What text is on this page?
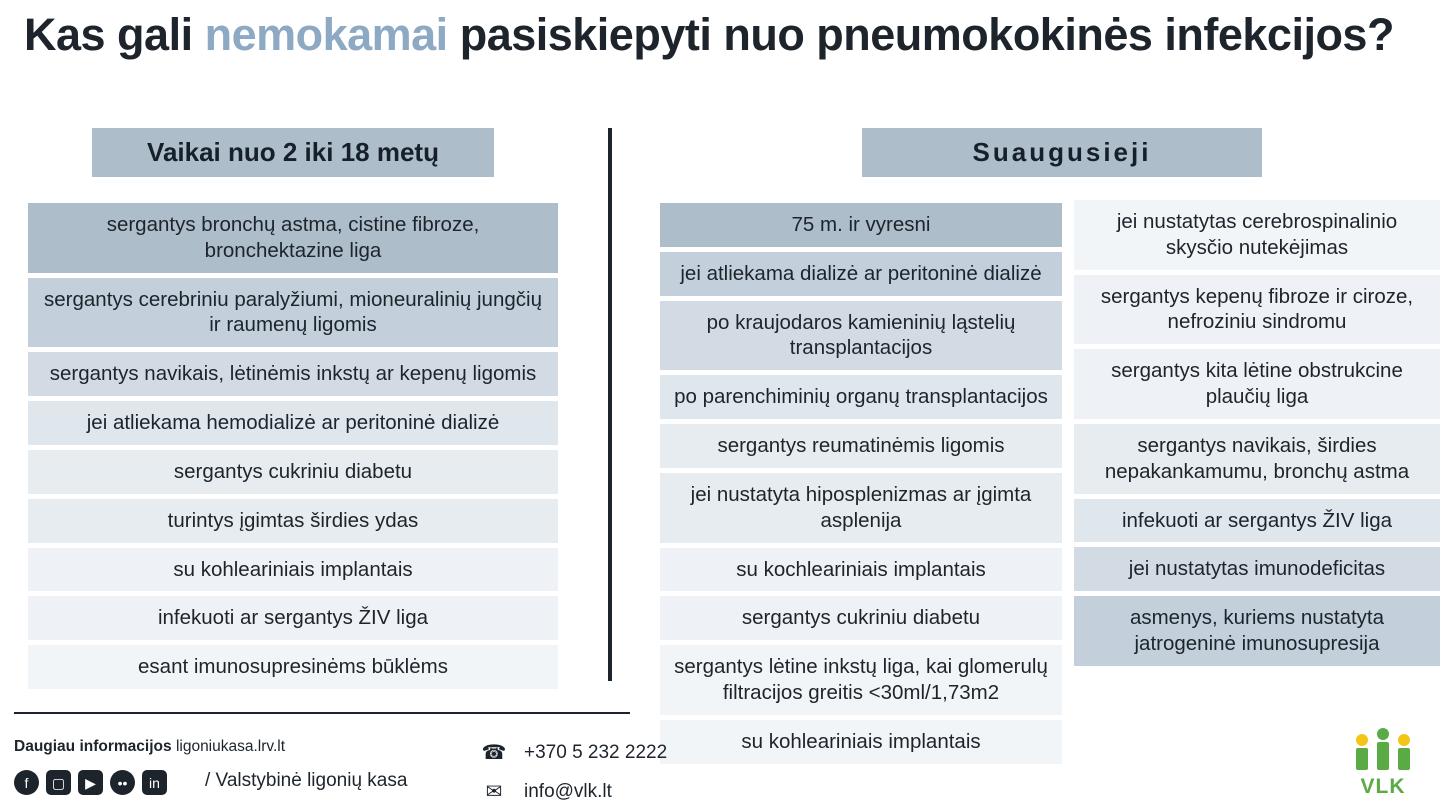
Kas gali nemokamai pasiskiepyti nuo pneumokokinės infekcijos?
Vaikai nuo 2 iki 18 metų
sergantys bronchų astma, cistine fibroze, bronchektazine liga
sergantys cerebriniu paralyžiumi, mioneuralinių jungčių ir raumenų ligomis
sergantys navikais, lėtinėmis inkstų ar kepenų ligomis
jei atliekama hemodializė ar peritoninė dializė
sergantys cukriniu diabetu
turintys įgimtas širdies ydas
su kohleariniais implantais
infekuoti ar sergantys ŽIV liga
esant imunosupresinėms būklėms
Suaugusieji
75 m. ir vyresni
jei atliekama dializė ar peritoninė dializė
po kraujodaros kamieninių ląstelių transplantacijos
po parenchiminių organų transplantacijos
sergantys reumatinėmis ligomis
jei nustatyta hiposplenizmas ar įgimta asplenija
su kochleariniais implantais
sergantys cukriniu diabetu
sergantys lėtine inkstų liga, kai glomerulų filtracijos greitis <30ml/1,73m2
su kohleariniais implantais
jei nustatytas cerebrospinalinio skysčio nutekėjimas
sergantys kepenų fibroze ir ciroze, nefroziniu sindromu
sergantys kita lėtine obstrukcine plaučių liga
sergantys navikais, širdies nepakankamumu, bronchų astma
infekuoti ar sergantys ŽIV liga
jei nustatytas imunodeficitas
asmenys, kuriems nustatyta jatrogeninė imunosupresija
Daugiau informacijos ligoniukasa.lrv.lt
f	▢	▶	••	in	/ Valstybinė ligonių kasa
☎ +370 5 232 2222
✉ info@vlk.lt	VLK
